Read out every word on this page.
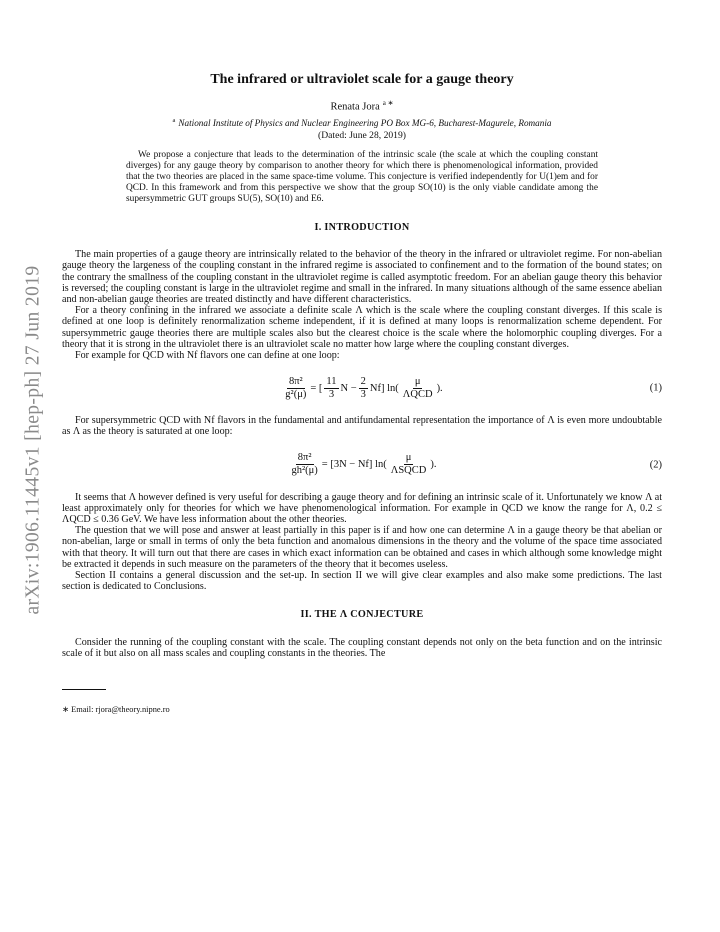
arXiv:1906.11445v1 [hep-ph] 27 Jun 2019
The infrared or ultraviolet scale for a gauge theory
Renata Jora $^{a ∗}$
$^a$ National Institute of Physics and Nuclear Engineering PO Box MG-6, Bucharest-Magurele, Romania
(Dated: June 28, 2019)
We propose a conjecture that leads to the determination of the intrinsic scale (the scale at which the coupling constant diverges) for any gauge theory by comparison to another theory for which there is phenomenological information, provided that the two theories are placed in the same space-time volume. This conjecture is verified independently for U(1)em and for QCD. In this framework and from this perspective we show that the group SO(10) is the only viable candidate among the supersymmetric GUT groups SU(5), SO(10) and E6.
I. INTRODUCTION

The main properties of a gauge theory are intrinsically related to the behavior of the theory in the infrared or ultraviolet regime. For non-abelian gauge theory the largeness of the coupling constant in the infrared regime is associated to confinement and to the formation of the bound states; on the contrary the smallness of the coupling constant in the ultraviolet regime is called asymptotic freedom. For an abelian gauge theory this behavior is reversed; the coupling constant is large in the ultraviolet regime and small in the infrared. In many situations although of the same essence abelian and non-abelian gauge theories are treated distinctly and have different characteristics.

For a theory confining in the infrared we associate a definite scale Λ which is the scale where the coupling constant diverges. If this scale is defined at one loop is definitely renormalization scheme independent, if it is defined at many loops is renormalization scheme dependent. For supersymmetric gauge theories there are multiple scales also but the clearest choice is the scale where the holomorphic coupling diverges. For a theory that it is strong in the ultraviolet there is an ultraviolet scale no matter how large where the coupling constant diverges.

For example for QCD with Nf flavors one can define at one loop:

$\frac{\text{8π²}}{\text{g²(μ)}}$ = [ $\frac{11}{3}$ $N - \frac{2}{3} Nf$] $\ln( \frac{\mu}{\text{ΛQCD}}$ ).	(1)

For supersymmetric QCD with Nf flavors in the fundamental and antifundamental representation the importance of Λ is even more undoubtable as Λ as the theory is saturated at one loop:

$\frac{\text{8π²}}{\text{gh²(μ)}} = [3N - Nf]$ $\ln( \frac{\mu}{\text{ΛSQCD}}$ ).	(2)

It seems that Λ however defined is very useful for describing a gauge theory and for defining an intrinsic scale of it. Unfortunately we know Λ at least approximately only for theories for which we have phenomenological information. For example in QCD we know the range for Λ, 0.2 ≤ ΛQCD ≤ 0.36 GeV. We have less information about the other theories.

The question that we will pose and answer at least partially in this paper is if and how one can determine Λ in a gauge theory be that abelian or non-abelian, large or small in terms of only the beta function and anomalous dimensions in the theory and the volume of the space time associated with that theory. It will turn out that there are cases in which exact information can be obtained and cases in which although some knowledge might be extracted it depends in such measure on the parameters of the theory that it becomes useless.

Section II contains a general discussion and the set-up. In section II we will give clear examples and also make some predictions. The last section is dedicated to Conclusions.

II. THE Λ CONJECTURE

Consider the running of the coupling constant with the scale. The coupling constant depends not only on the beta function and on the intrinsic scale of it but also on all mass scales and coupling constants in the theories. The

∗ Email: rjora@theory.nipne.ro
